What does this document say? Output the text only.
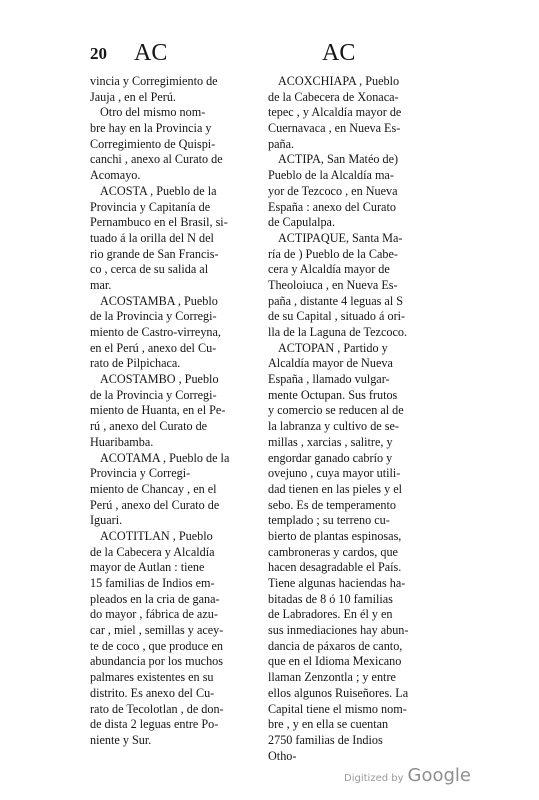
20 AC	AC
vincia y Corregimiento de
Jauja , en el Perú.
Otro del mismo nom-
bre hay en la Provincia y
Corregimiento de Quispi-
canchi , anexo al Curato de
Acomayo.
ACOSTA , Pueblo de la
Provincia y Capitanía de
Pernambuco en el Brasil, si-
tuado á la orilla del N del
rio grande de San Francis-
co , cerca de su salida al
mar.
ACOSTAMBA , Pueblo
de la Provincia y Corregi-
miento de Castro-virreyna,
en el Perú , anexo del Cu-
rato de Pilpichaca.
ACOSTAMBO , Pueblo
de la Provincia y Corregi-
miento de Huanta, en el Pe-
rú , anexo del Curato de
Huaribamba.
ACOTAMA , Pueblo de la
Provincia y Corregi-
miento de Chancay , en el
Perú , anexo del Curato de
Iguari.
ACOTITLAN , Pueblo
de la Cabecera y Alcaldía
mayor de Autlan : tiene
15 familias de Indios em-
pleados en la cria de gana-
do mayor , fábrica de azu-
car , miel , semillas y acey-
te de coco , que produce en
abundancia por los muchos
palmares existentes en su
distrito. Es anexo del Cu-
rato de Tecolotlan , de don-
de dista 2 leguas entre Po-
niente y Sur.
ACOXCHIAPA , Pueblo
de la Cabecera de Xonaca-
tepec , y Alcaldía mayor de
Cuernavaca , en Nueva Es-
paña.
ACTIPA, San Matéo de)
Pueblo de la Alcaldía ma-
yor de Tezcoco , en Nueva
España : anexo del Curato
de Capulalpa.
ACTIPAQUE, Santa Ma-
ría de ) Pueblo de la Cabe-
cera y Alcaldía mayor de
Theoloiuca , en Nueva Es-
paña , distante 4 leguas al S
de su Capital , situado á ori-
lla de la Laguna de Tezcoco.
ACTOPAN , Partido y
Alcaldía mayor de Nueva
España , llamado vulgar-
mente Octupan. Sus frutos
y comercio se reducen al de
la labranza y cultivo de se-
millas , xarcias , salitre, y
engordar ganado cabrío y
ovejuno , cuya mayor utili-
dad tienen en las pieles y el
sebo. Es de temperamento
templado ; su terreno cu-
bierto de plantas espinosas,
cambroneras y cardos, que
hacen desagradable el País.
Tiene algunas haciendas ha-
bitadas de 8 ó 10 familias
de Labradores. En él y en
sus inmediaciones hay abun-
dancia de páxaros de canto,
que en el Idioma Mexicano
llaman Zenzontla ; y entre
ellos algunos Ruiseñores. La
Capital tiene el mismo nom-
bre , y en ella se cuentan
2750 familias de Indios
Otho-
Digitized by Google
